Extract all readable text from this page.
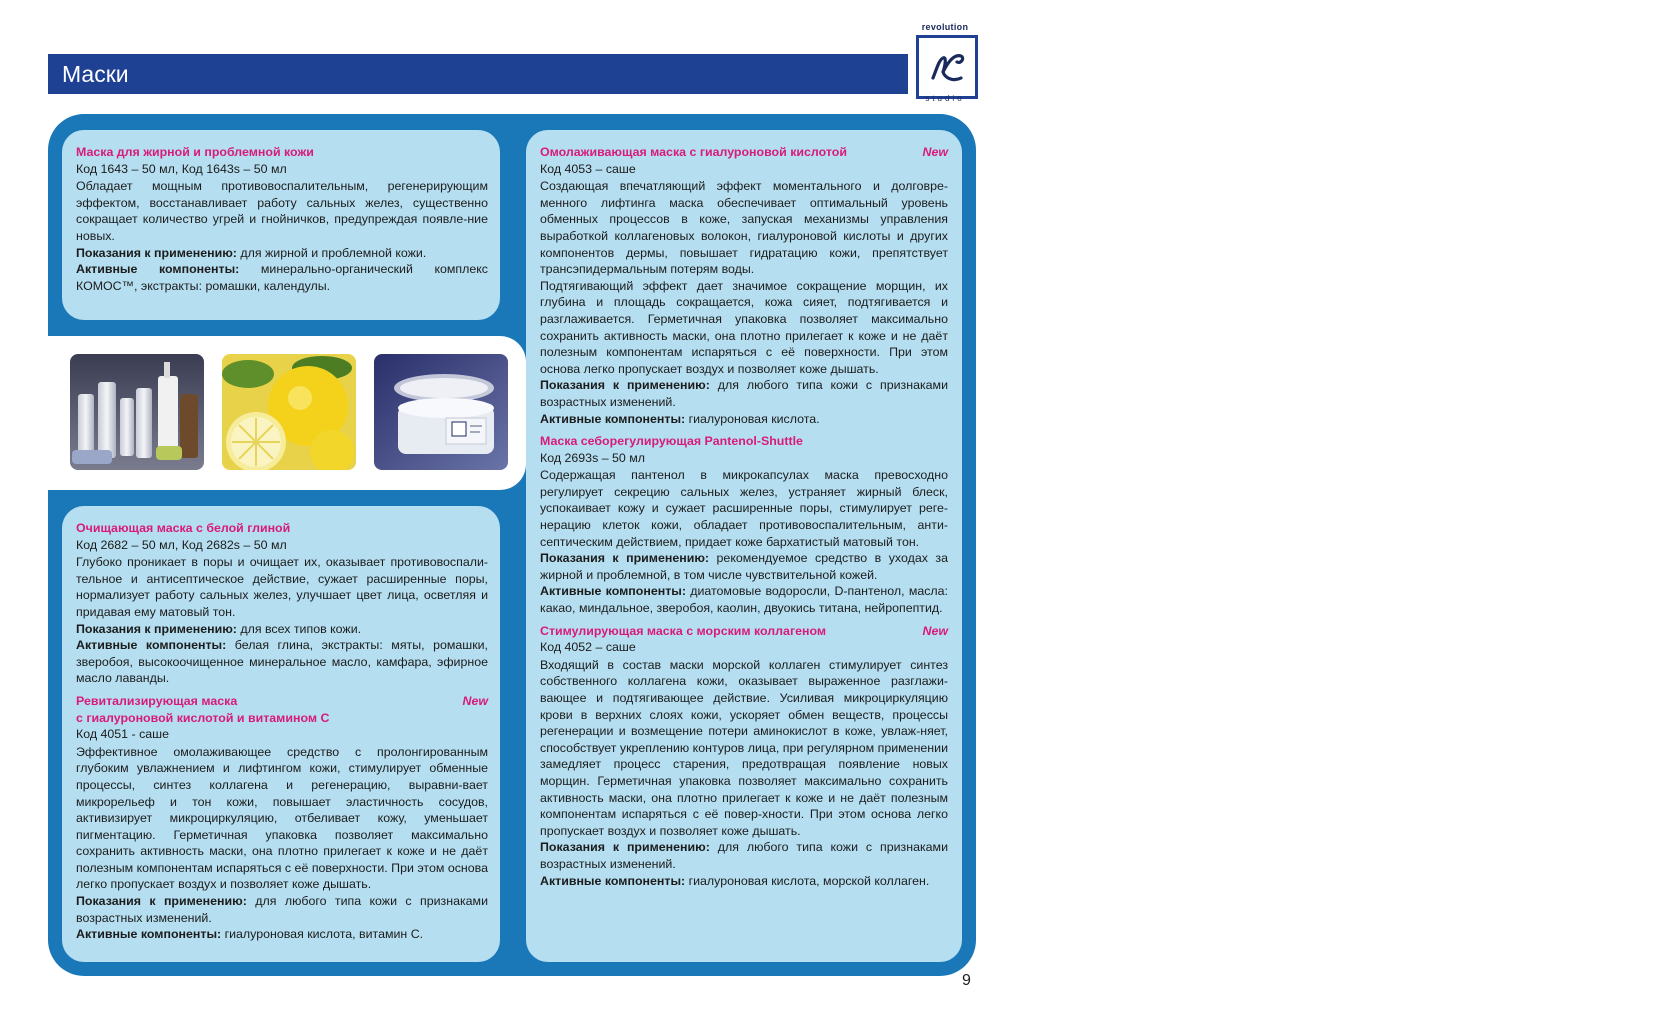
Маски
revolution
studio
Маска для жирной и проблемной кожи
Код 1643 – 50 мл, Код 1643s – 50 мл
Обладает мощным противовоспалительным, регенерирующим эффектом, восстанавливает работу сальных желез, существенно сокращает количество угрей и гнойничков, предупреждая появле-ние новых.
Показания к применению: для жирной и проблемной кожи.
Активные компоненты: минерально-органический комплекс КОМОС™, экстракты: ромашки, календулы.
Очищающая маска с белой глиной
Код 2682 – 50 мл, Код 2682s – 50 мл
Глубоко проникает в поры и очищает их, оказывает противовоспали-тельное и антисептическое действие, сужает расширенные поры, нормализует работу сальных желез, улучшает цвет лица, осветляя и придавая ему матовый тон.
Показания к применению: для всех типов кожи.
Активные компоненты: белая глина, экстракты: мяты, ромашки, зверобоя, высокоочищенное минеральное масло, камфара, эфирное масло лаванды.
Ревитализирующая маска
с гиалуроновой кислотой и витамином С
New
Код 4051 - саше
Эффективное омолаживающее средство с пролонгированным глубоким увлажнением и лифтингом кожи, стимулирует обменные процессы, синтез коллагена и регенерацию, выравни-вает микрорельеф и тон кожи, повышает эластичность сосудов, активизирует микроциркуляцию, отбеливает кожу, уменьшает пигментацию. Герметичная упаковка позволяет максимально сохранить активность маски, она плотно прилегает к коже и не даёт полезным компонентам испаряться с её поверхности. При этом основа легко пропускает воздух и позволяет коже дышать.
Показания к применению: для любого типа кожи с признаками возрастных изменений.
Активные компоненты: гиалуроновая кислота, витамин С.
Омолаживающая маска с гиалуроновой кислотой	New
Код 4053 – саше
Создающая впечатляющий эффект моментального и долговре-менного лифтинга маска обеспечивает оптимальный уровень обменных процессов в коже, запуская механизмы управления выработкой коллагеновых волокон, гиалуроновой кислоты и других компонентов дермы, повышает гидратацию кожи, препятствует трансэпидермальным потерям воды.
Подтягивающий эффект дает значимое сокращение морщин, их глубина и площадь сокращается, кожа сияет, подтягивается и разглаживается. Герметичная упаковка позволяет максимально сохранить активность маски, она плотно прилегает к коже и не даёт полезным компонентам испаряться с её поверхности. При этом основа легко пропускает воздух и позволяет коже дышать.
Показания к применению: для любого типа кожи с признаками возрастных изменений.
Активные компоненты: гиалуроновая кислота.
Маска себорегулирующая Pantenol-Shuttle
Код 2693s – 50 мл
Содержащая пантенол в микрокапсулах маска превосходно регулирует секрецию сальных желез, устраняет жирный блеск, успокаивает кожу и сужает расширенные поры, стимулирует реге-нерацию клеток кожи, обладает противовоспалительным, анти-септическим действием, придает коже бархатистый матовый тон.
Показания к применению: рекомендуемое средство в уходах за жирной и проблемной, в том числе чувствительной кожей.
Активные компоненты: диатомовые водоросли, D-пантенол, масла: какао, миндальное, зверобоя, каолин, двуокись титана, нейропептид.
Стимулирующая маска с морским коллагеном	New
Код 4052 – саше
Входящий в состав маски морской коллаген стимулирует синтез собственного коллагена кожи, оказывает выраженное разглажи-вающее и подтягивающее действие. Усиливая микроциркуляцию крови в верхних слоях кожи, ускоряет обмен веществ, процессы регенерации и возмещение потери аминокислот в коже, увлаж-няет, способствует укреплению контуров лица, при регулярном применении замедляет процесс старения, предотвращая появление новых морщин. Герметичная упаковка позволяет максимально сохранить активность маски, она плотно прилегает к коже и не даёт полезным компонентам испаряться с её повер-хности. При этом основа легко пропускает воздух и позволяет коже дышать.
Показания к применению: для любого типа кожи с признаками возрастных изменений.
Активные компоненты: гиалуроновая кислота, морской коллаген.
9
